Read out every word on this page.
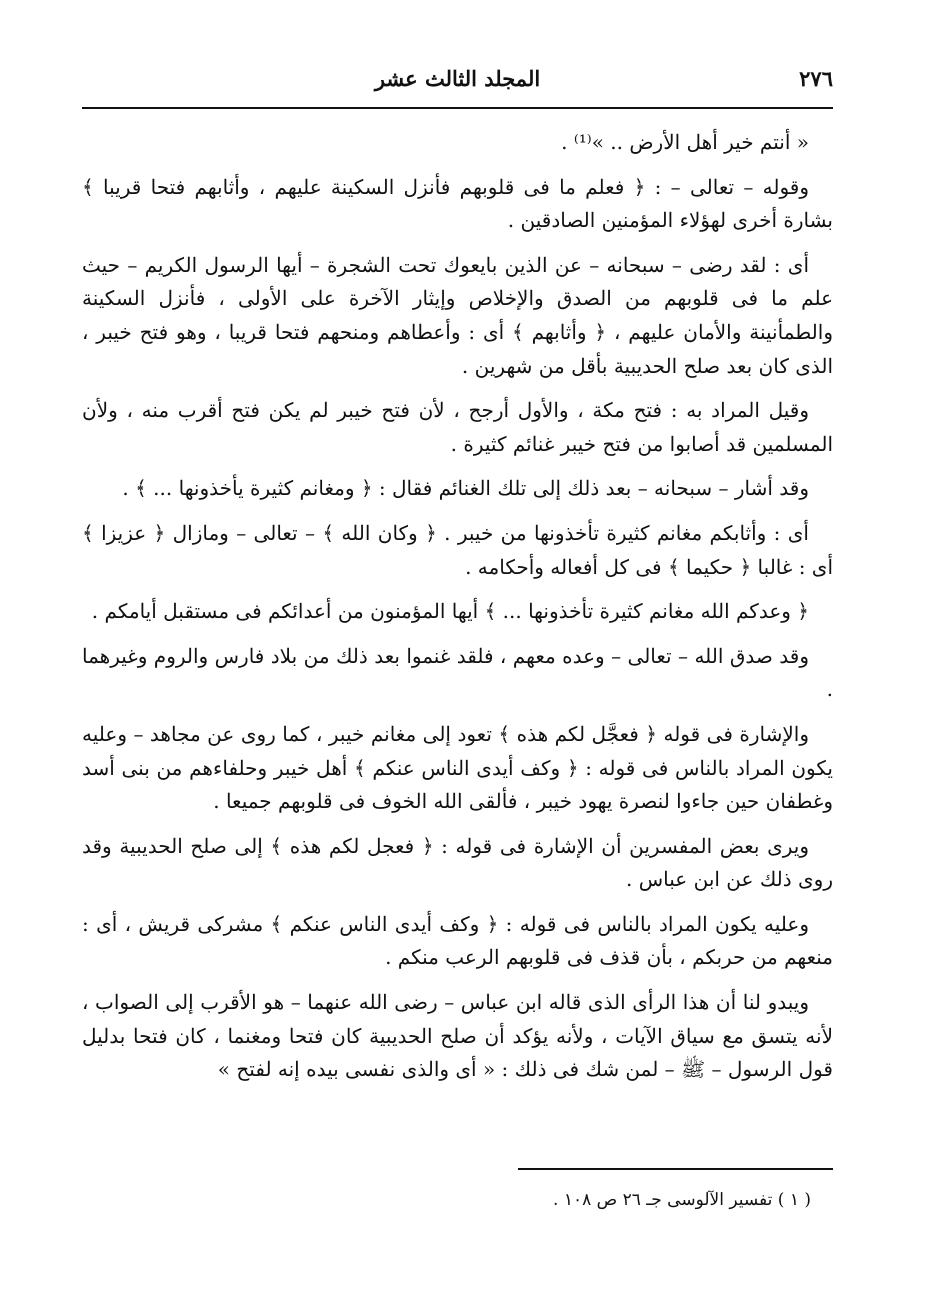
٢٧٦
المجلد الثالث عشر

« أنتم خير أهل الأرض .. »⁽¹⁾ .

وقوله – تعالى – : ﴿ فعلم ما فى قلوبهم فأنزل السكينة عليهم ، وأثابهم فتحا قريبا ﴾ بشارة أخرى لهؤلاء المؤمنين الصادقين .

أى : لقد رضى – سبحانه – عن الذين بايعوك تحت الشجرة – أيها الرسول الكريم – حيث علم ما فى قلوبهم من الصدق والإخلاص وإيثار الآخرة على الأولى ، فأنزل السكينة والطمأنينة والأمان عليهم ، ﴿ وأثابهم ﴾ أى : وأعطاهم ومنحهم فتحا قريبا ، وهو فتح خيبر ، الذى كان بعد صلح الحديبية بأقل من شهرين .

وقيل المراد به : فتح مكة ، والأول أرجح ، لأن فتح خيبر لم يكن فتح أقرب منه ، ولأن المسلمين قد أصابوا من فتح خيبر غنائم كثيرة .

وقد أشار – سبحانه – بعد ذلك إلى تلك الغنائم فقال : ﴿ ومغانم كثيرة يأخذونها ... ﴾ .

أى : وأثابكم مغانم كثيرة تأخذونها من خيبر . ﴿ وكان الله ﴾ – تعالى – ومازال ﴿ عزيزا ﴾ أى : غالبا ﴿ حكيما ﴾ فى كل أفعاله وأحكامه .

﴿ وعدكم الله مغانم كثيرة تأخذونها ... ﴾ أيها المؤمنون من أعدائكم فى مستقبل أيامكم .

وقد صدق الله – تعالى – وعده معهم ، فلقد غنموا بعد ذلك من بلاد فارس والروم وغيرهما .

والإشارة فى قوله ﴿ فعجَّل لكم هذه ﴾ تعود إلى مغانم خيبر ، كما روى عن مجاهد – وعليه يكون المراد بالناس فى قوله : ﴿ وكف أيدى الناس عنكم ﴾ أهل خيبر وحلفاءهم من بنى أسد وغطفان حين جاءوا لنصرة يهود خيبر ، فألقى الله الخوف فى قلوبهم جميعا .

ويرى بعض المفسرين أن الإشارة فى قوله : ﴿ فعجل لكم هذه ﴾ إلى صلح الحديبية وقد روى ذلك عن ابن عباس .

وعليه يكون المراد بالناس فى قوله : ﴿ وكف أيدى الناس عنكم ﴾ مشركى قريش ، أى : منعهم من حربكم ، بأن قذف فى قلوبهم الرعب منكم .

ويبدو لنا أن هذا الرأى الذى قاله ابن عباس – رضى الله عنهما – هو الأقرب إلى الصواب ، لأنه يتسق مع سياق الآيات ، ولأنه يؤكد أن صلح الحديبية كان فتحا ومغنما ، كان فتحا بدليل قول الرسول – ﷺ – لمن شك فى ذلك : « أى والذى نفسى بيده إنه لفتح »

( ١ ) تفسير الآلوسى جـ ٢٦ ص ١٠٨ .
